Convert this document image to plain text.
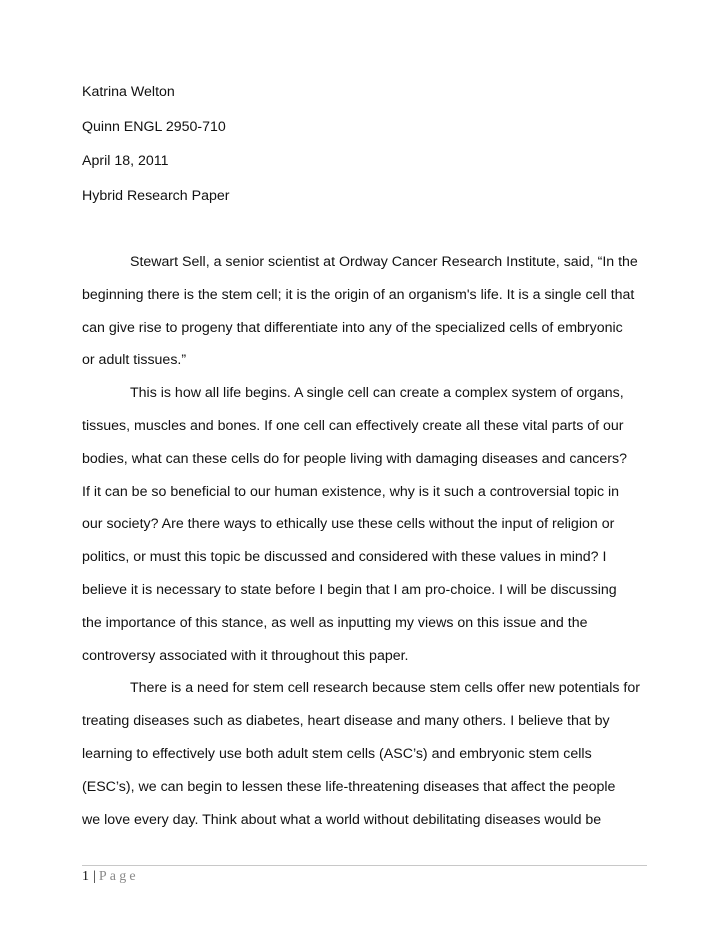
Katrina Welton
Quinn ENGL 2950-710
April 18, 2011
Hybrid Research Paper
Stewart Sell, a senior scientist at Ordway Cancer Research Institute, said, “In the
beginning there is the stem cell; it is the origin of an organism's life. It is a single cell that
can give rise to progeny that differentiate into any of the specialized cells of embryonic
or adult tissues.”
This is how all life begins. A single cell can create a complex system of organs,
tissues, muscles and bones. If one cell can effectively create all these vital parts of our
bodies, what can these cells do for people living with damaging diseases and cancers?
If it can be so beneficial to our human existence, why is it such a controversial topic in
our society? Are there ways to ethically use these cells without the input of religion or
politics, or must this topic be discussed and considered with these values in mind? I
believe it is necessary to state before I begin that I am pro-choice. I will be discussing
the importance of this stance, as well as inputting my views on this issue and the
controversy associated with it throughout this paper.
There is a need for stem cell research because stem cells offer new potentials for
treating diseases such as diabetes, heart disease and many others. I believe that by
learning to effectively use both adult stem cells (ASC’s) and embryonic stem cells
(ESC’s), we can begin to lessen these life-threatening diseases that affect the people
we love every day. Think about what a world without debilitating diseases would be
1 | Page
